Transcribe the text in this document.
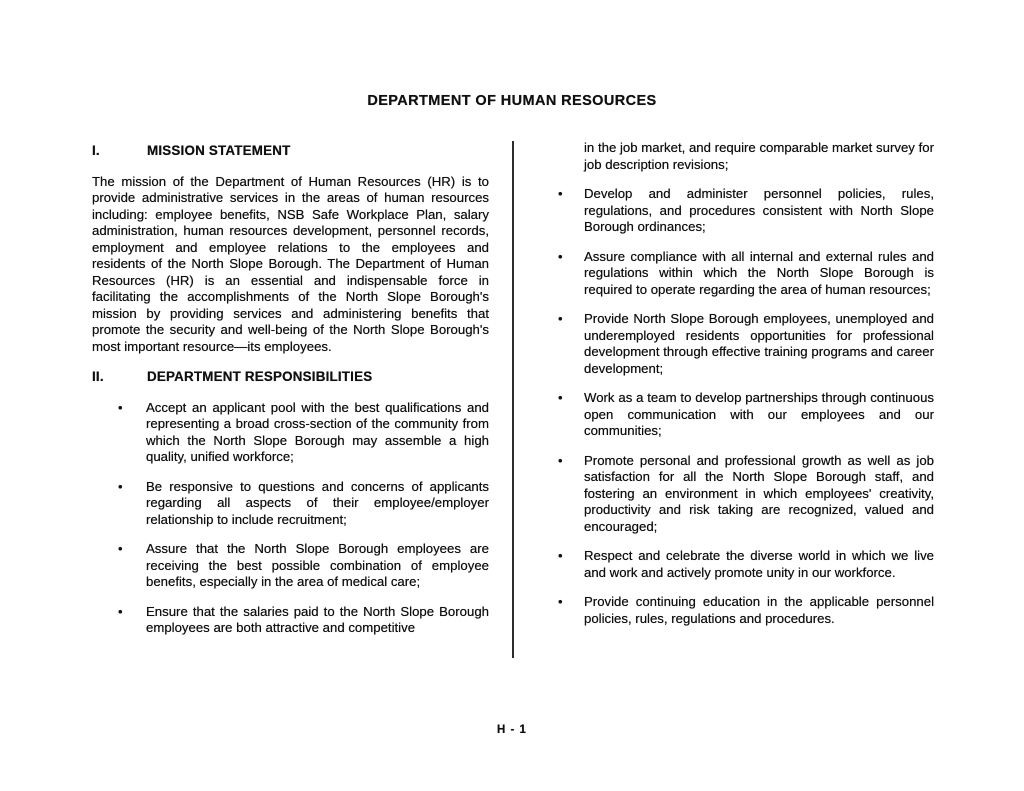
DEPARTMENT OF HUMAN RESOURCES
I.	MISSION STATEMENT

The mission of the Department of Human Resources (HR) is to provide administrative services in the areas of human resources including: employee benefits, NSB Safe Workplace Plan, salary administration, human resources development, personnel records, employment and employee relations to the employees and residents of the North Slope Borough. The Department of Human Resources (HR) is an essential and indispensable force in facilitating the accomplishments of the North Slope Borough's mission by providing services and administering benefits that promote the security and well-being of the North Slope Borough's most important resource—its employees.

II.	DEPARTMENT RESPONSIBILITIES
•	Accept an applicant pool with the best qualifications and representing a broad cross-section of the community from which the North Slope Borough may assemble a high quality, unified workforce;

•	Be responsive to questions and concerns of applicants regarding all aspects of their employee/employer relationship to include recruitment;

•	Assure that the North Slope Borough employees are receiving the best possible combination of employee benefits, especially in the area of medical care;

•	Ensure that the salaries paid to the North Slope Borough employees are both attractive and competitive

in the job market, and require comparable market survey for job description revisions;

•	Develop and administer personnel policies, rules, regulations, and procedures consistent with North Slope Borough ordinances;

•	Assure compliance with all internal and external rules and regulations within which the North Slope Borough is required to operate regarding the area of human resources;

•	Provide North Slope Borough employees, unemployed and underemployed residents opportunities for professional development through effective training programs and career development;

•	Work as a team to develop partnerships through continuous open communication with our employees and our communities;

•	Promote personal and professional growth as well as job satisfaction for all the North Slope Borough staff, and fostering an environment in which employees' creativity, productivity and risk taking are recognized, valued and encouraged;

•	Respect and celebrate the diverse world in which we live and work and actively promote unity in our workforce.

•	Provide continuing education in the applicable personnel policies, rules, regulations and procedures.

H - 1
